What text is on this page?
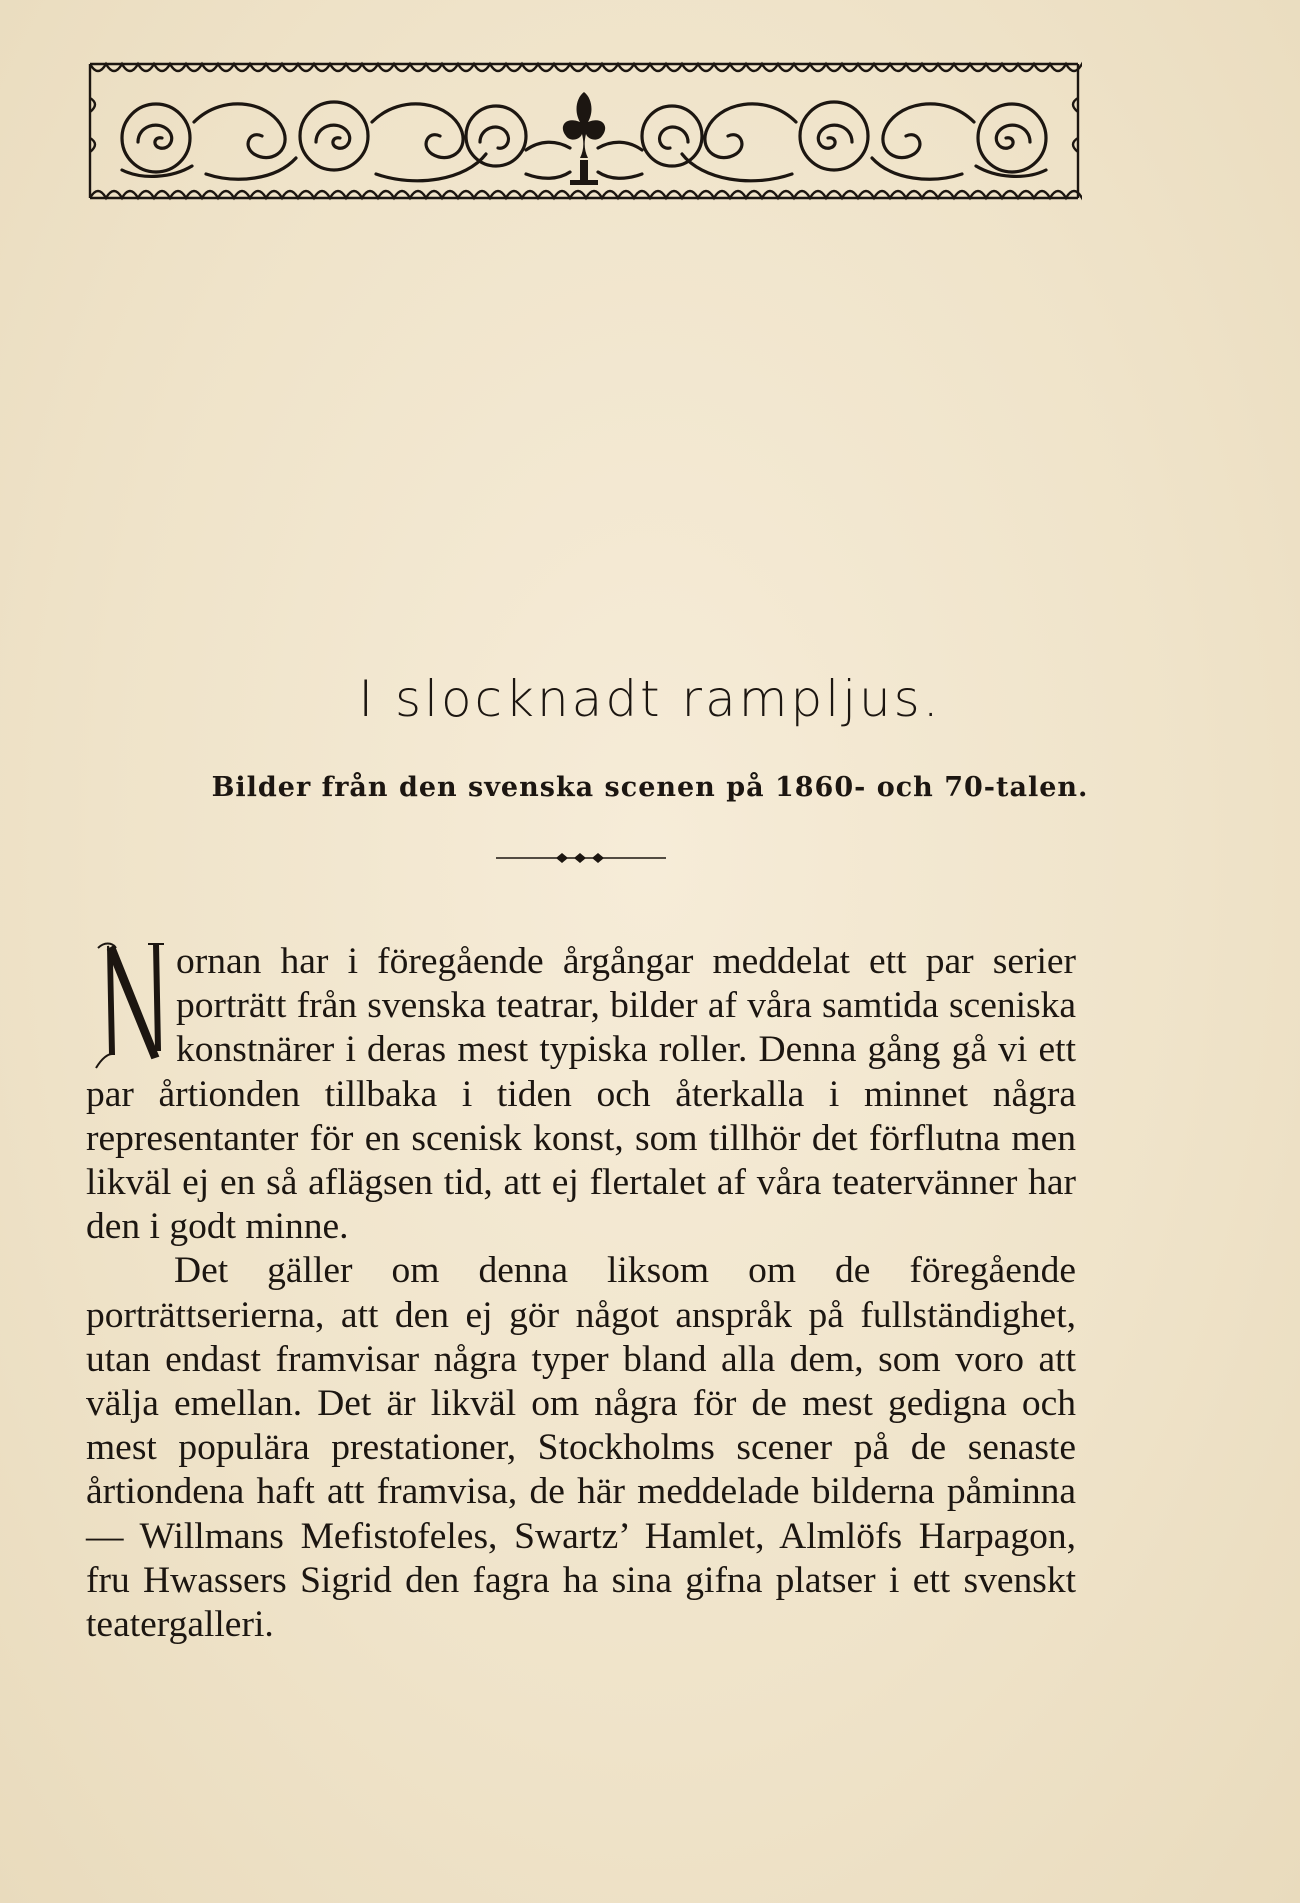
I slocknadt rampljus.
Bilder från den svenska scenen på 1860- och 70-talen.

N
ornan har i föregående årgångar meddelat ett par serier porträtt från svenska teatrar, bilder af våra samtida sceniska konstnärer i deras mest typiska roller. Denna gång gå vi ett par årtionden tillbaka i tiden och återkalla i minnet några representanter för en scenisk konst, som tillhör det förflutna men likväl ej en så aflägsen tid, att ej flertalet af våra teatervänner har den i godt minne.

Det gäller om denna liksom om de föregående porträttserierna, att den ej gör något anspråk på fullständighet, utan endast framvisar några typer bland alla dem, som voro att välja emellan. Det är likväl om några för de mest gedigna och mest populära prestationer, Stockholms scener på de senaste årtiondena haft att framvisa, de här meddelade bilderna påminna — Willmans Mefistofeles, Swartz’ Hamlet, Almlöfs Harpagon, fru Hwassers Sigrid den fagra ha sina gifna platser i ett svenskt teatergalleri.
